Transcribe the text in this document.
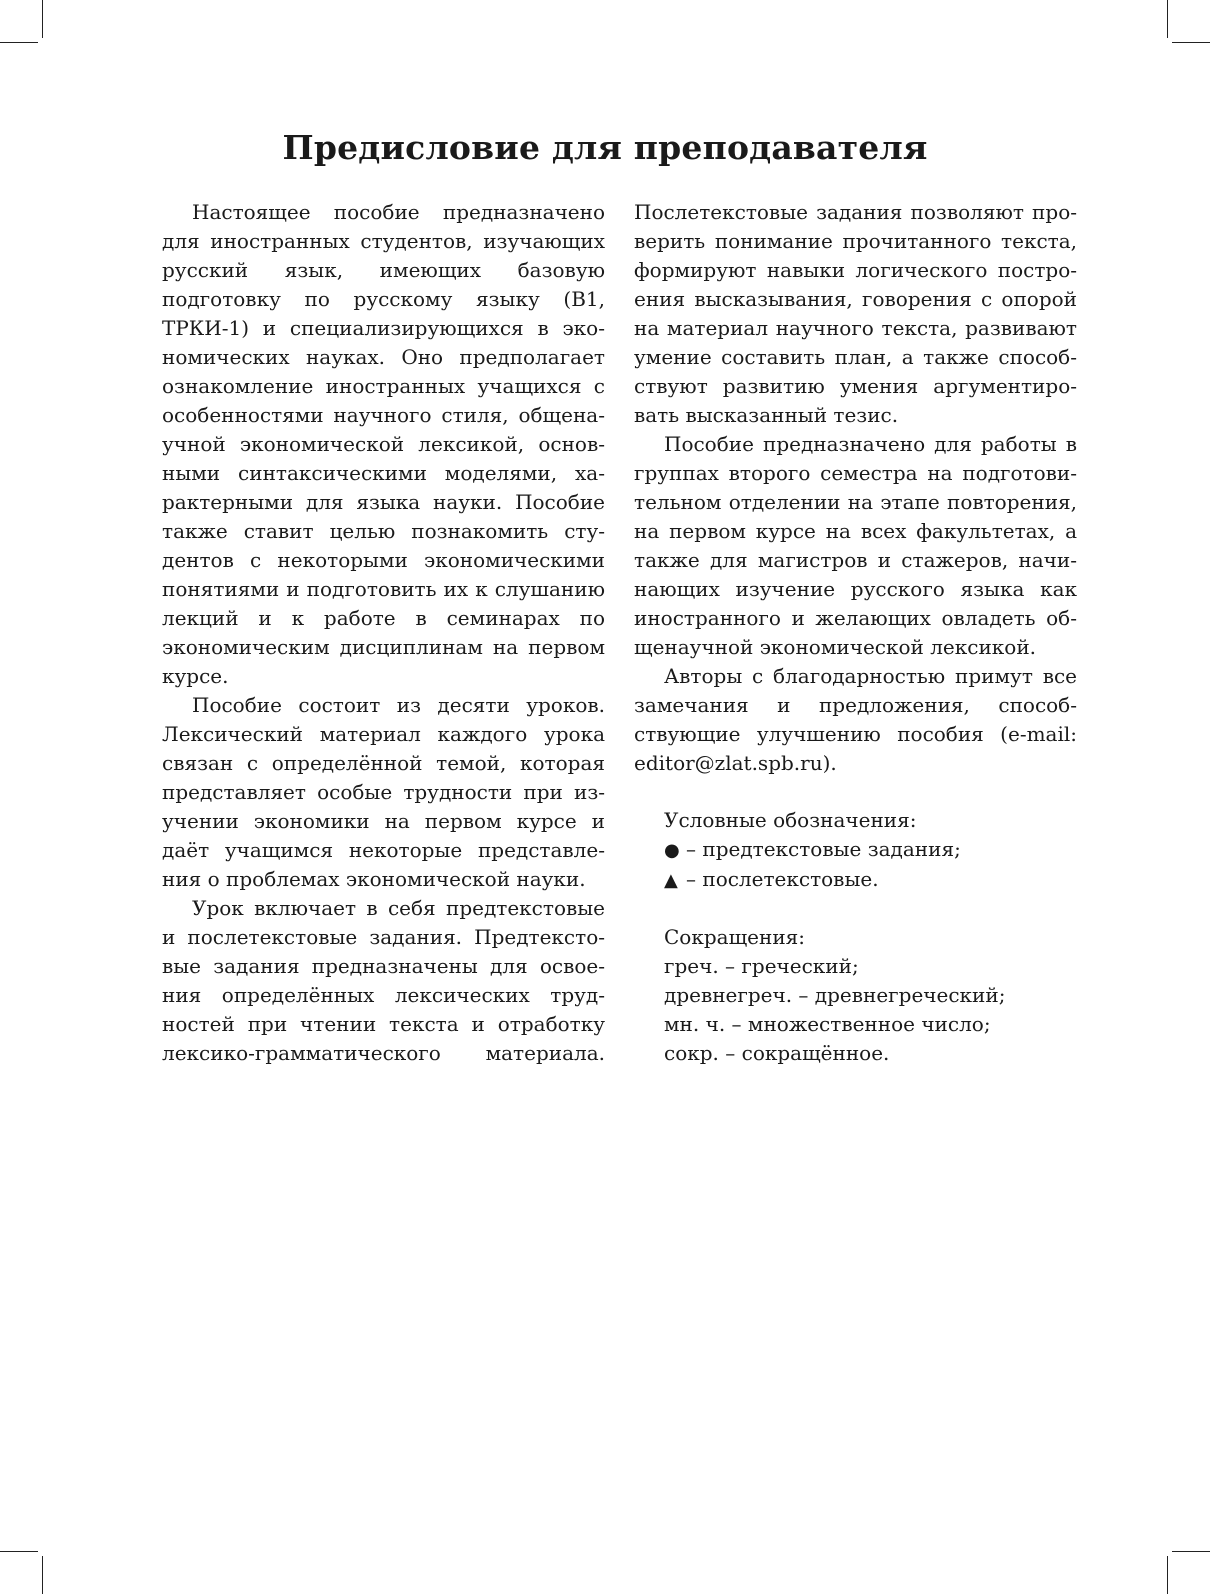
Предисловие для преподавателя

Настоящее пособие предназначено для иностранных студентов, изучающих русский язык, имеющих базовую подготовку по русскому языку (B1, ТРКИ-1) и специализирующихся в экономических науках. Оно предполагает ознакомление иностранных учащихся с особенностями научного стиля, общенаучной экономической лексикой, основными синтаксическими моделями, характерными для языка науки. Пособие также ставит целью познакомить студентов с некоторыми экономическими понятиями и подготовить их к слушанию лекций и к работе в семинарах по экономическим дисциплинам на первом курсе.

Пособие состоит из десяти уроков. Лексический материал каждого урока связан с определённой темой, которая представляет особые трудности при изучении экономики на первом курсе и даёт учащимся некоторые представления о проблемах экономической науки.

Урок включает в себя предтекстовые и послетекстовые задания. Предтекстовые задания предназначены для освоения определённых лексических трудностей при чтении текста и отработку лексико-грамматического материала.

Послетекстовые задания позволяют проверить понимание прочитанного текста, формируют навыки логического построения высказывания, говорения с опорой на материал научного текста, развивают умение составить план, а также способствуют развитию умения аргументировать высказанный тезис.

Пособие предназначено для работы в группах второго семестра на подготовительном отделении на этапе повторения, на первом курсе на всех факультетах, а также для магистров и стажеров, начинающих изучение русского языка как иностранного и желающих овладеть общенаучной экономической лексикой.

Авторы с благодарностью примут все замечания и предложения, способствующие улучшению пособия (e-mail: editor@zlat.spb.ru).

Условные обозначения:
● – предтекстовые задания;
▲ – послетекстовые.
Сокращения:
греч. – греческий;
древнегреч. – древнегреческий;
мн. ч. – множественное число;
сокр. – сокращённое.
